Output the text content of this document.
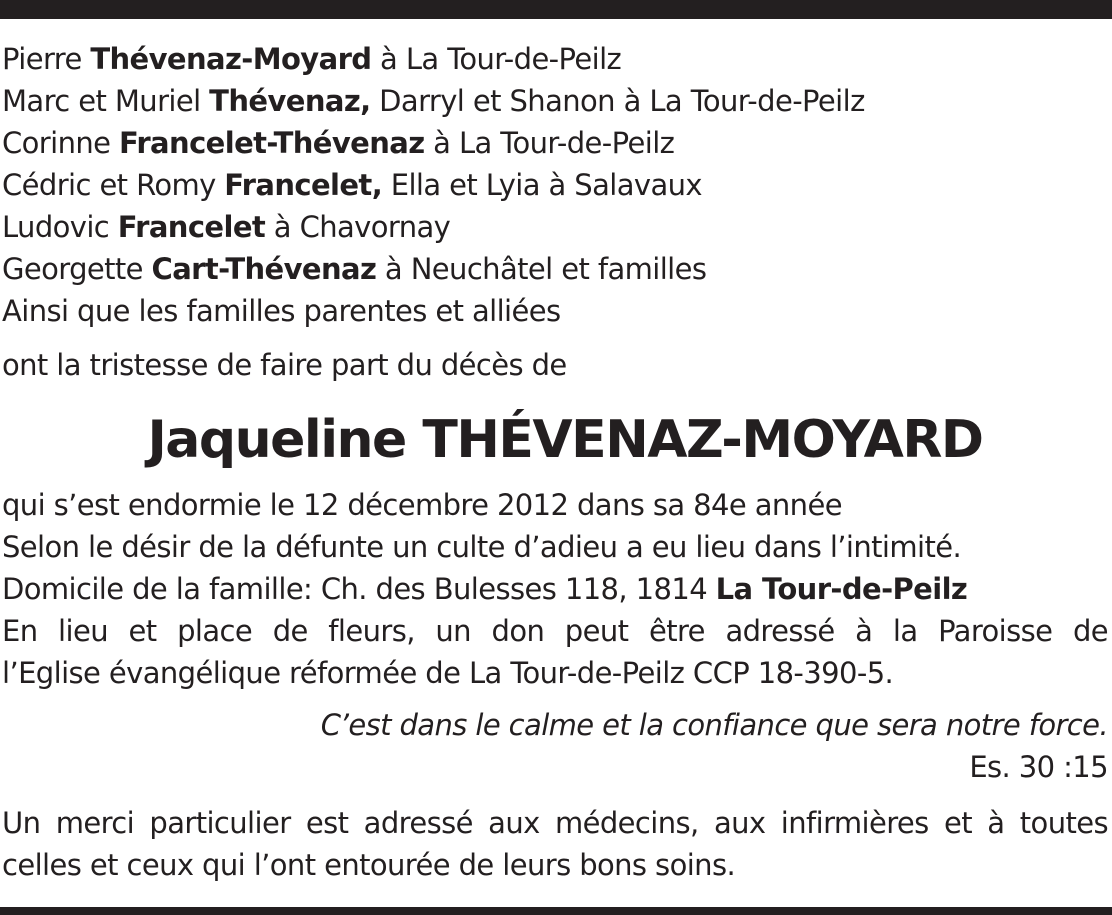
Pierre Thévenaz-Moyard à La Tour-de-Peilz
Marc et Muriel Thévenaz, Darryl et Shanon à La Tour-de-Peilz
Corinne Francelet-Thévenaz à La Tour-de-Peilz
Cédric et Romy Francelet, Ella et Lyia à Salavaux
Ludovic Francelet à Chavornay
Georgette Cart-Thévenaz à Neuchâtel et familles
Ainsi que les familles parentes et alliées
ont la tristesse de faire part du décès de
Jaqueline THÉVENAZ-MOYARD
qui s’est endormie le 12 décembre 2012 dans sa 84e année
Selon le désir de la défunte un culte d’adieu a eu lieu dans l’intimité.
Domicile de la famille: Ch. des Bulesses 118, 1814 La Tour-de-Peilz
En lieu et place de fleurs, un don peut être adressé à la Paroisse de
l’Eglise évangélique réformée de La Tour-de-Peilz CCP 18-390-5.
C’est dans le calme et la confiance que sera notre force.
Es. 30 :15
Un merci particulier est adressé aux médecins, aux infirmières et à toutes
celles et ceux qui l’ont entourée de leurs bons soins.
